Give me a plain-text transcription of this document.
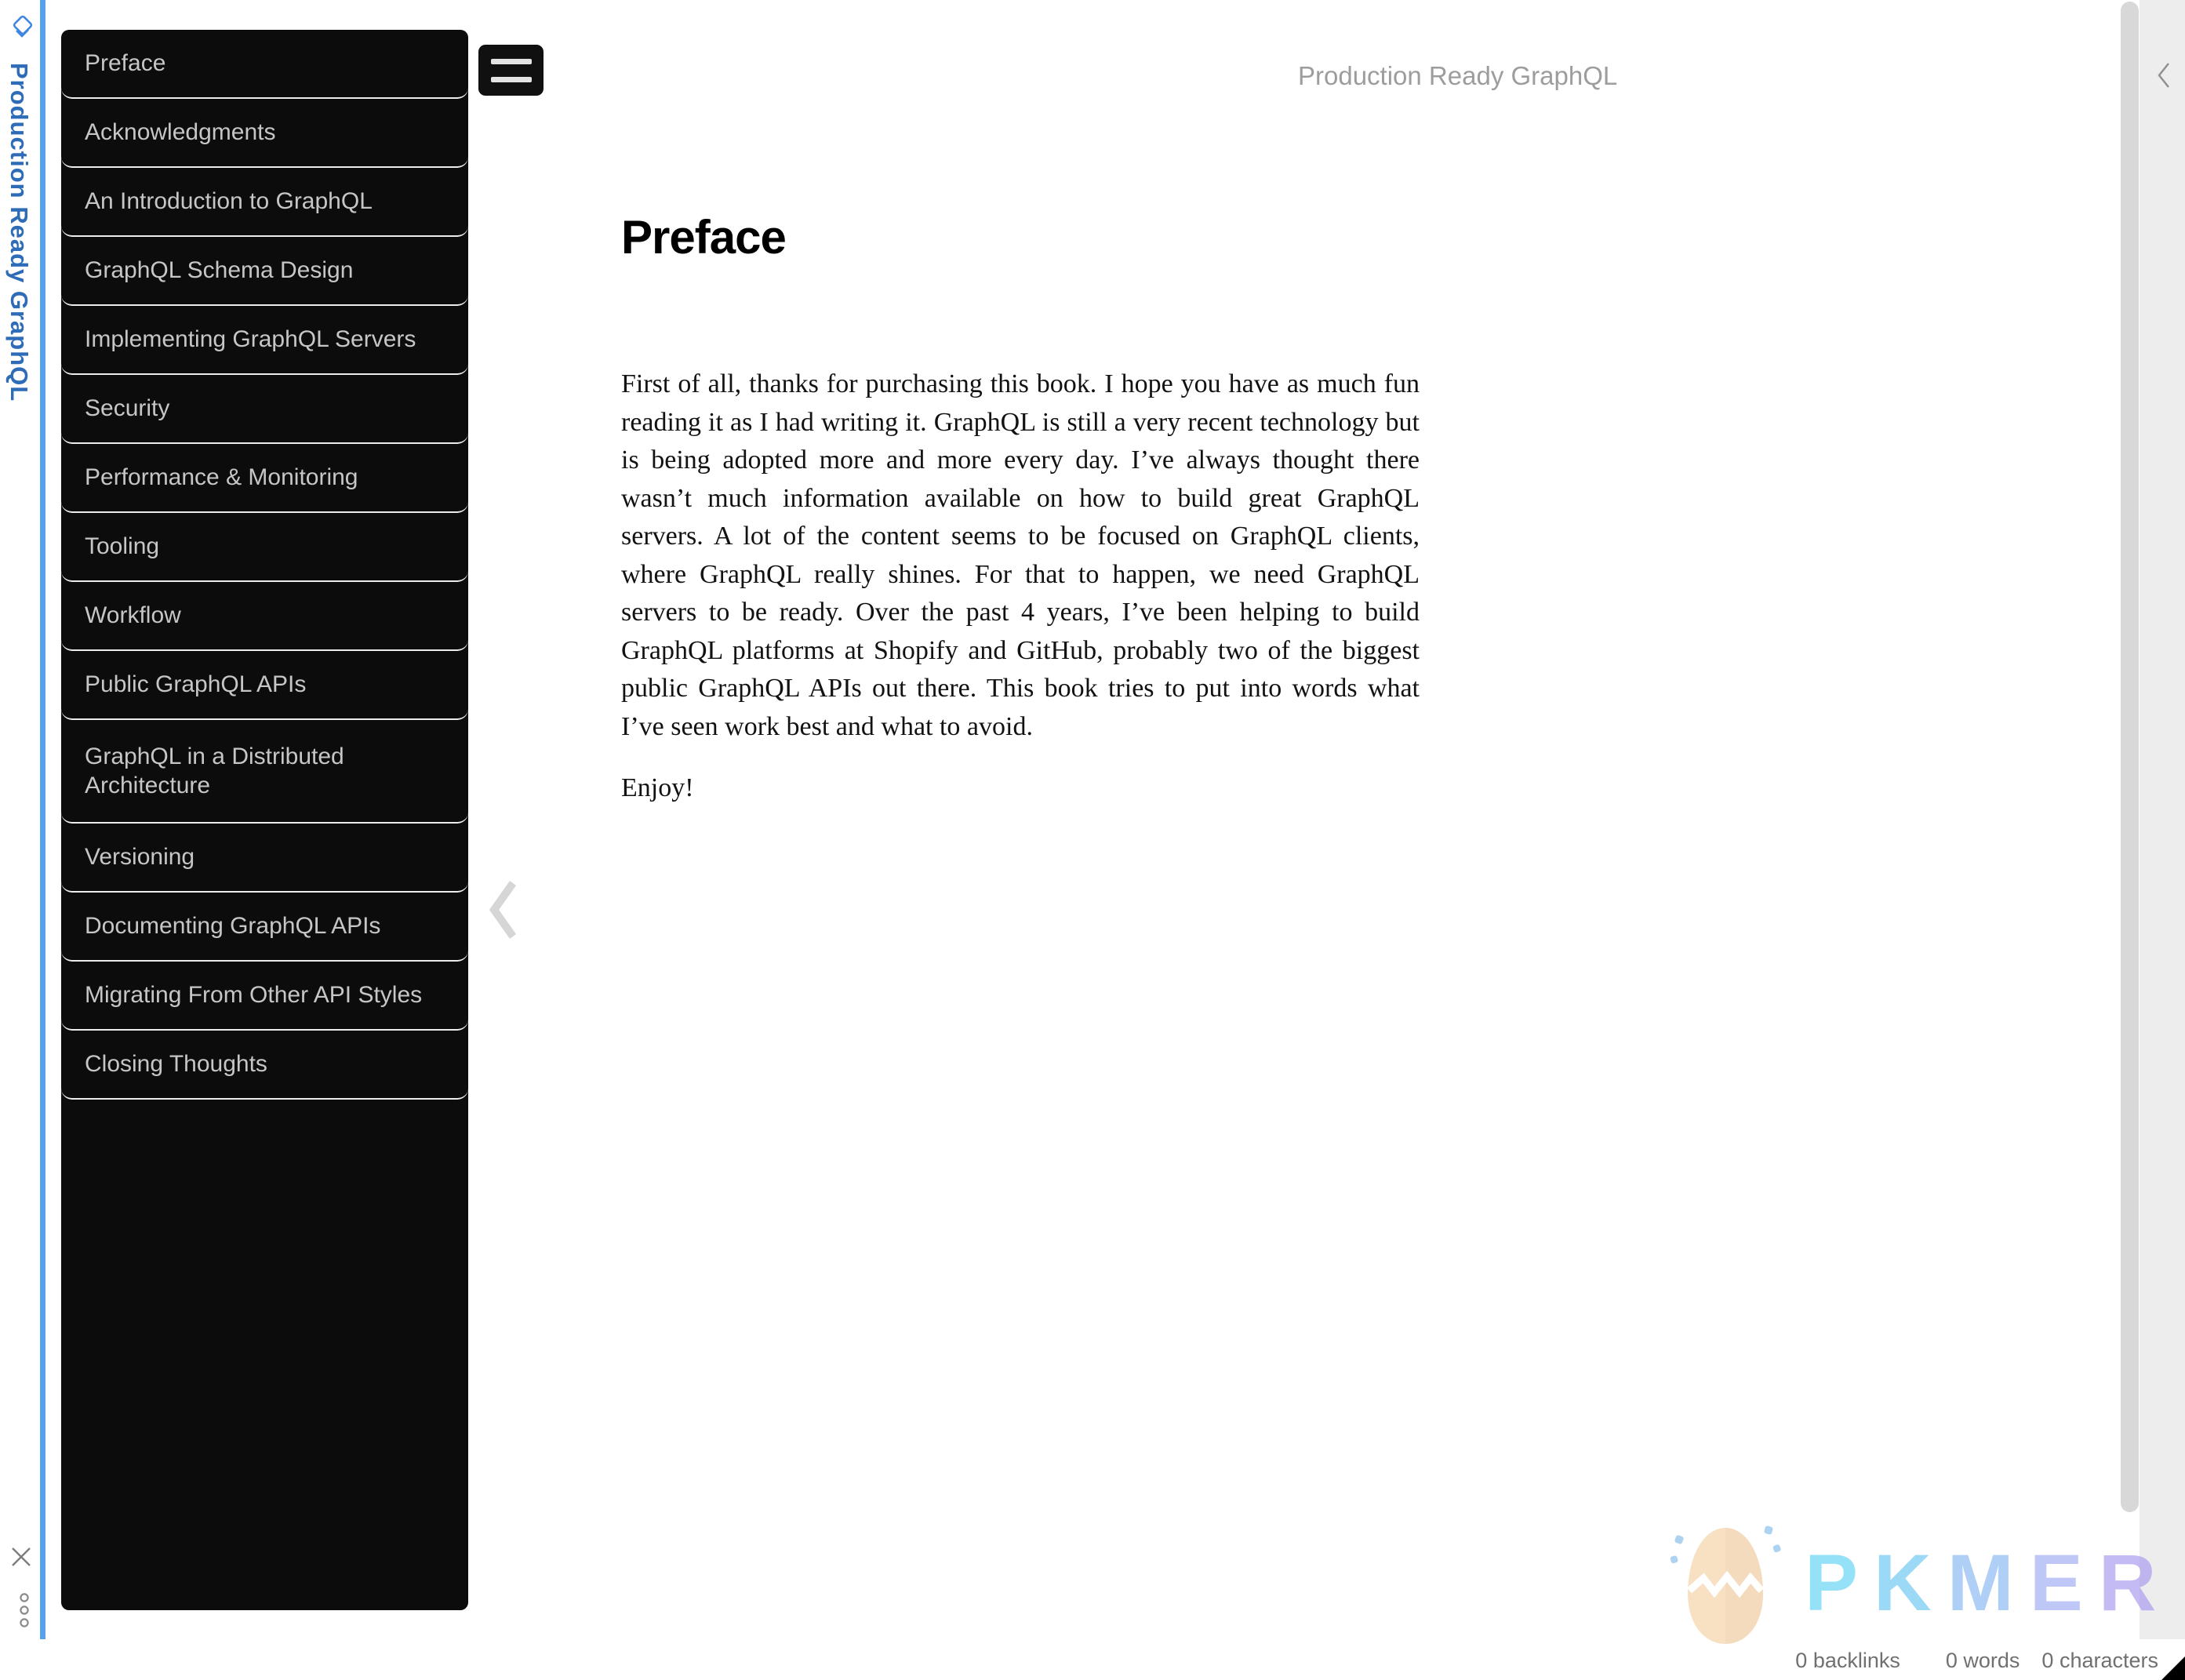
Production Ready GraphQL	Preface
Acknowledgments
An Introduction to GraphQL
GraphQL Schema Design
Implementing GraphQL Servers
Security
Performance & Monitoring
Tooling
Workflow
Public GraphQL APIs
GraphQL in a Distributed Architecture
Versioning
Documenting GraphQL APIs
Migrating From Other API Styles
Closing Thoughts
Production Ready GraphQL
Preface

First of all, thanks for purchasing this book. I hope you have as much fun reading it as I had writing it. GraphQL is still a very recent technology but is being adopted more and more every day. I’ve always thought there wasn’t much information available on how to build great GraphQL servers. A lot of the content seems to be focused on GraphQL clients, where GraphQL really shines. For that to happen, we need GraphQL servers to be ready. Over the past 4 years, I’ve been helping to build GraphQL platforms at Shopify and GitHub, probably two of the biggest public GraphQL APIs out there. This book tries to put into words what I’ve seen work best and what to avoid.

Enjoy!

PKMER
0 backlinks 0 words 0 characters
